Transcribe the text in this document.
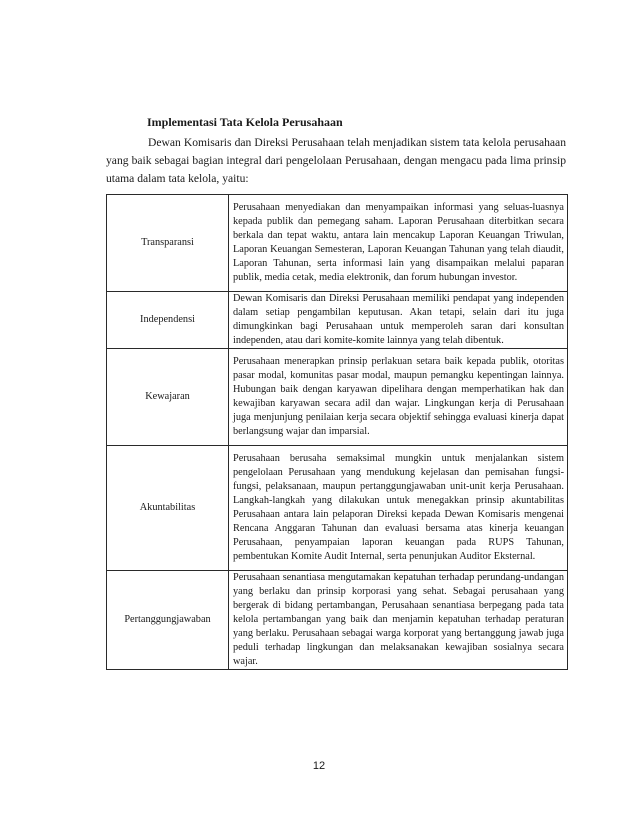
Implementasi Tata Kelola Perusahaan

Dewan Komisaris dan Direksi Perusahaan telah menjadikan sistem tata kelola perusahaan yang baik sebagai bagian integral dari pengelolaan Perusahaan, dengan mengacu pada lima prinsip utama dalam tata kelola, yaitu:

Transparansi	Perusahaan menyediakan dan menyampaikan informasi yang seluas-luasnya kepada publik dan pemegang saham. Laporan Perusahaan diterbitkan secara berkala dan tepat waktu, antara lain mencakup Laporan Keuangan Triwulan, Laporan Keuangan Semesteran, Laporan Keuangan Tahunan yang telah diaudit, Laporan Tahunan, serta informasi lain yang disampaikan melalui paparan publik, media cetak, media elektronik, dan forum hubungan investor.
Independensi	Dewan Komisaris dan Direksi Perusahaan memiliki pendapat yang independen dalam setiap pengambilan keputusan. Akan tetapi, selain dari itu juga dimungkinkan bagi Perusahaan untuk memperoleh saran dari konsultan independen, atau dari komite-komite lainnya yang telah dibentuk.
Kewajaran	Perusahaan menerapkan prinsip perlakuan setara baik kepada publik, otoritas pasar modal, komunitas pasar modal, maupun pemangku kepentingan lainnya. Hubungan baik dengan karyawan dipelihara dengan memperhatikan hak dan kewajiban karyawan secara adil dan wajar. Lingkungan kerja di Perusahaan juga menjunjung penilaian kerja secara objektif sehingga evaluasi kinerja dapat berlangsung wajar dan imparsial.
Akuntabilitas	Perusahaan berusaha semaksimal mungkin untuk menjalankan sistem pengelolaan Perusahaan yang mendukung kejelasan dan pemisahan fungsi-fungsi, pelaksanaan, maupun pertanggungjawaban unit-unit kerja Perusahaan. Langkah-langkah yang dilakukan untuk menegakkan prinsip akuntabilitas Perusahaan antara lain pelaporan Direksi kepada Dewan Komisaris mengenai Rencana Anggaran Tahunan dan evaluasi bersama atas kinerja keuangan Perusahaan, penyampaian laporan keuangan pada RUPS Tahunan, pembentukan Komite Audit Internal, serta penunjukan Auditor Eksternal.
Pertanggungjawaban	Perusahaan senantiasa mengutamakan kepatuhan terhadap perundang-undangan yang berlaku dan prinsip korporasi yang sehat. Sebagai perusahaan yang bergerak di bidang pertambangan, Perusahaan senantiasa berpegang pada tata kelola pertambangan yang baik dan menjamin kepatuhan terhadap peraturan yang berlaku. Perusahaan sebagai warga korporat yang bertanggung jawab juga peduli terhadap lingkungan dan melaksanakan kewajiban sosialnya secara wajar.
12
